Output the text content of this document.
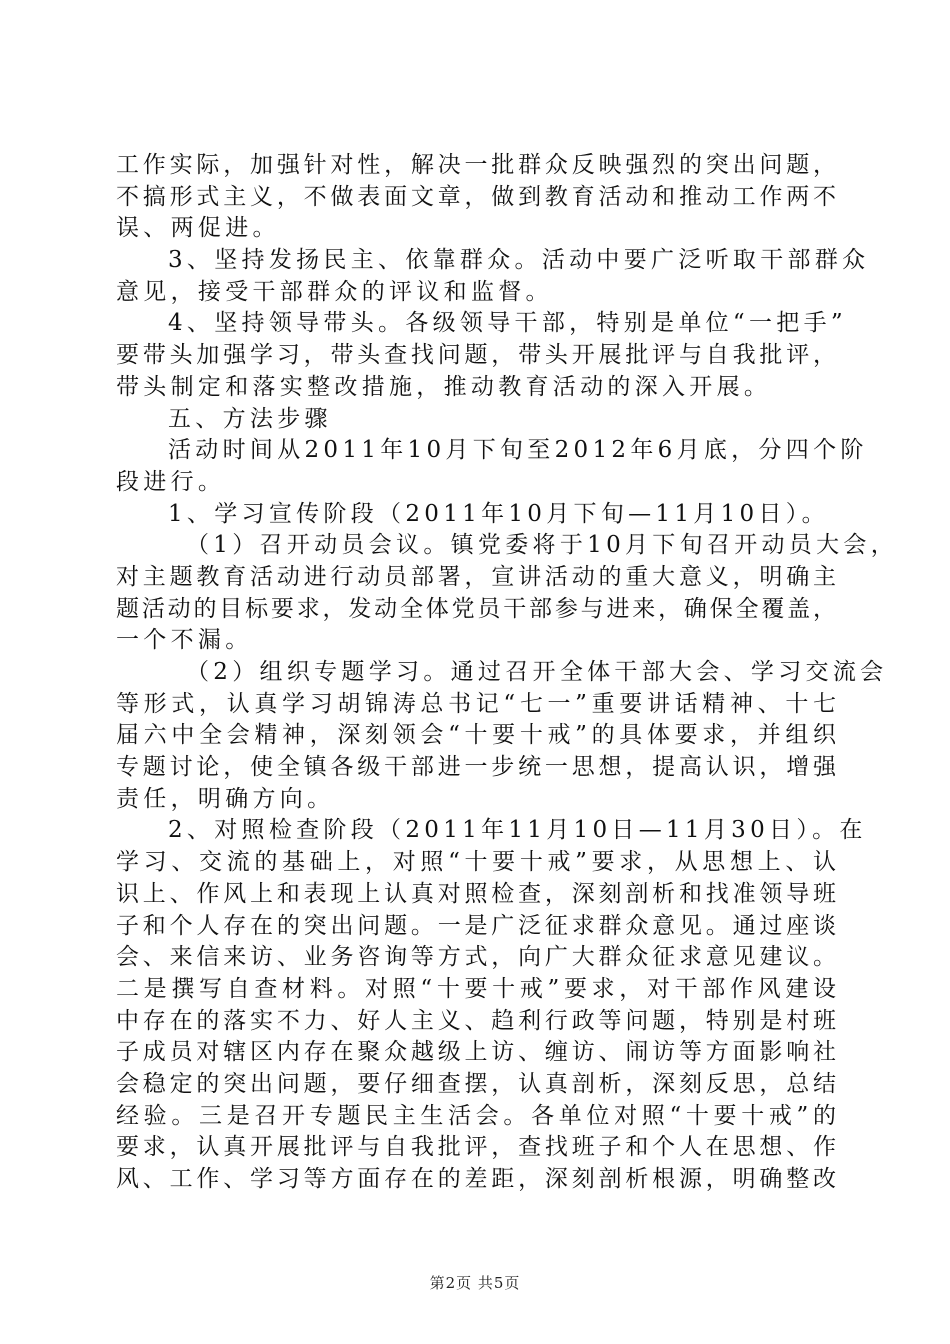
工作实际，加强针对性，解决一批群众反映强烈的突出问题，
不搞形式主义，不做表面文章，做到教育活动和推动工作两不
误、两促进。
3、坚持发扬民主、依靠群众。活动中要广泛听取干部群众
意见，接受干部群众的评议和监督。
4、坚持领导带头。各级领导干部，特别是单位“一把手”
要带头加强学习，带头查找问题，带头开展批评与自我批评，
带头制定和落实整改措施，推动教育活动的深入开展。
五、方法步骤
活动时间从2011年10月下旬至2012年6月底，分四个阶
段进行。
1、学习宣传阶段（2011年10月下旬—11月10日）。
（1）召开动员会议。镇党委将于10月下旬召开动员大会，
对主题教育活动进行动员部署，宣讲活动的重大意义，明确主
题活动的目标要求，发动全体党员干部参与进来，确保全覆盖，
一个不漏。
（2）组织专题学习。通过召开全体干部大会、学习交流会
等形式，认真学习胡锦涛总书记“七一”重要讲话精神、十七
届六中全会精神，深刻领会“十要十戒”的具体要求，并组织
专题讨论，使全镇各级干部进一步统一思想，提高认识，增强
责任，明确方向。
2、对照检查阶段（2011年11月10日—11月30日）。在
学习、交流的基础上，对照“十要十戒”要求，从思想上、认
识上、作风上和表现上认真对照检查，深刻剖析和找准领导班
子和个人存在的突出问题。一是广泛征求群众意见。通过座谈
会、来信来访、业务咨询等方式，向广大群众征求意见建议。
二是撰写自查材料。对照“十要十戒”要求，对干部作风建设
中存在的落实不力、好人主义、趋利行政等问题，特别是村班
子成员对辖区内存在聚众越级上访、缠访、闹访等方面影响社
会稳定的突出问题，要仔细查摆，认真剖析，深刻反思，总结
经验。三是召开专题民主生活会。各单位对照“十要十戒”的
要求，认真开展批评与自我批评，查找班子和个人在思想、作
风、工作、学习等方面存在的差距，深刻剖析根源，明确整改
第2页 共5页
